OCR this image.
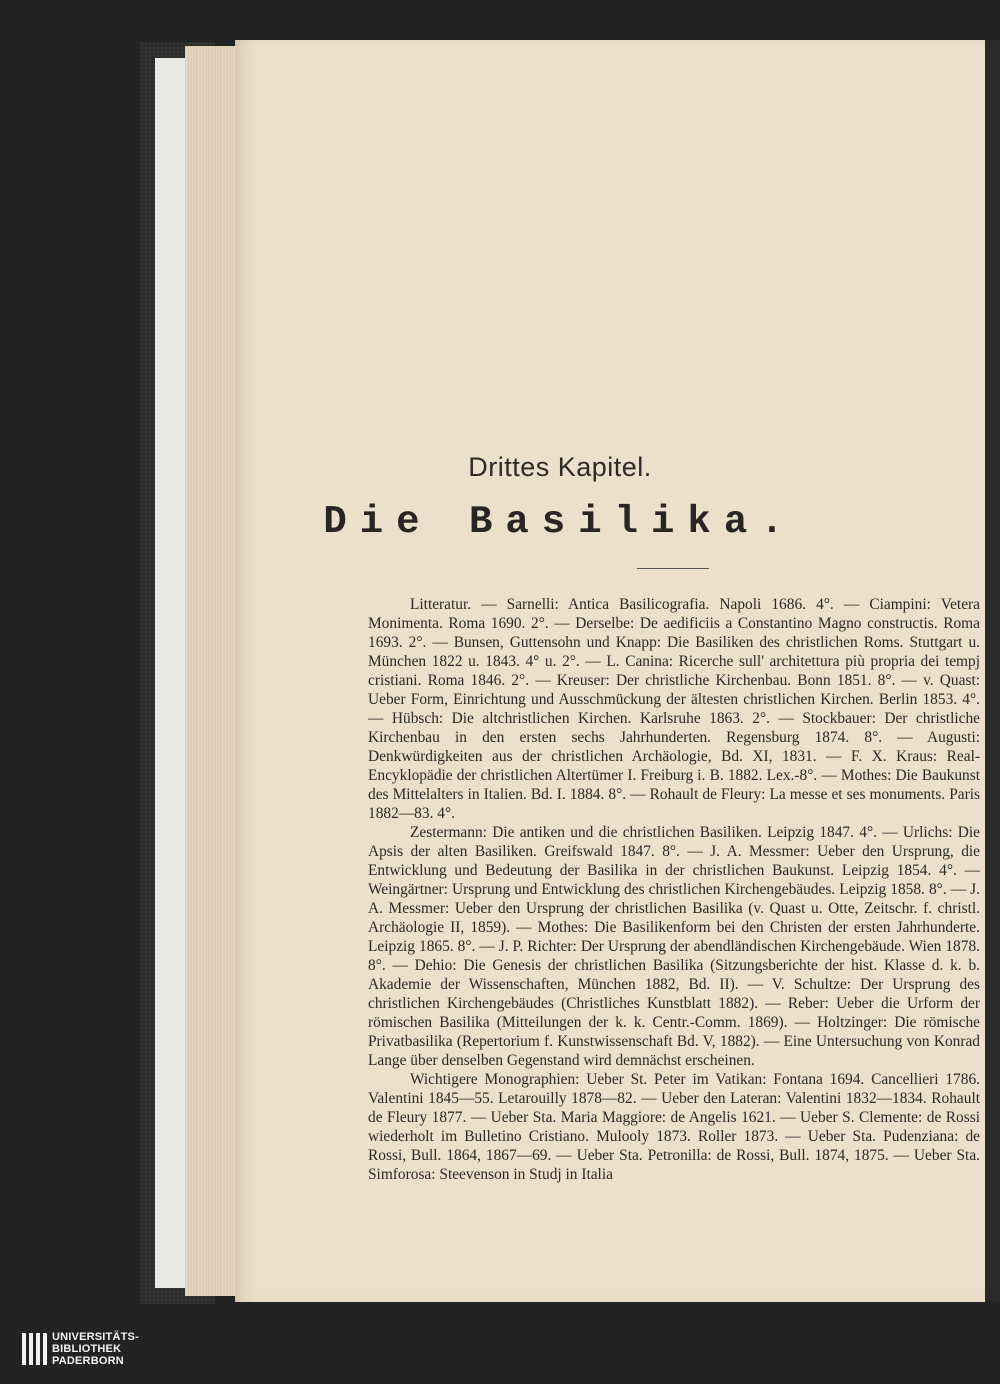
Drittes Kapitel.
Die Basilika.

Litteratur. — Sarnelli: Antica Basilicografia. Napoli 1686. 4°. — Ciampini: Vetera Monimenta. Roma 1690. 2°. — Derselbe: De aedificiis a Constantino Magno constructis. Roma 1693. 2°. — Bunsen, Guttensohn und Knapp: Die Basiliken des christlichen Roms. Stuttgart u. München 1822 u. 1843. 4° u. 2°. — L. Canina: Ricerche sull' architettura più propria dei tempj cristiani. Roma 1846. 2°. — Kreuser: Der christliche Kirchenbau. Bonn 1851. 8°. — v. Quast: Ueber Form, Einrichtung und Ausschmückung der ältesten christlichen Kirchen. Berlin 1853. 4°. — Hübsch: Die altchristlichen Kirchen. Karlsruhe 1863. 2°. — Stockbauer: Der christliche Kirchenbau in den ersten sechs Jahrhunderten. Regensburg 1874. 8°. — Augusti: Denkwürdigkeiten aus der christlichen Archäologie, Bd. XI, 1831. — F. X. Kraus: Real-Encyklopädie der christlichen Altertümer I. Freiburg i. B. 1882. Lex.-8°. — Mothes: Die Baukunst des Mittelalters in Italien. Bd. I. 1884. 8°. — Rohault de Fleury: La messe et ses monuments. Paris 1882—83. 4°.

Zestermann: Die antiken und die christlichen Basiliken. Leipzig 1847. 4°. — Urlichs: Die Apsis der alten Basiliken. Greifswald 1847. 8°. — J. A. Messmer: Ueber den Ursprung, die Entwicklung und Bedeutung der Basilika in der christlichen Baukunst. Leipzig 1854. 4°. — Weingärtner: Ursprung und Entwicklung des christlichen Kirchengebäudes. Leipzig 1858. 8°. — J. A. Messmer: Ueber den Ursprung der christlichen Basilika (v. Quast u. Otte, Zeitschr. f. christl. Archäologie II, 1859). — Mothes: Die Basilikenform bei den Christen der ersten Jahrhunderte. Leipzig 1865. 8°. — J. P. Richter: Der Ursprung der abendländischen Kirchengebäude. Wien 1878. 8°. — Dehio: Die Genesis der christlichen Basilika (Sitzungsberichte der hist. Klasse d. k. b. Akademie der Wissenschaften, München 1882, Bd. II). — V. Schultze: Der Ursprung des christlichen Kirchengebäudes (Christliches Kunstblatt 1882). — Reber: Ueber die Urform der römischen Basilika (Mitteilungen der k. k. Centr.-Comm. 1869). — Holtzinger: Die römische Privatbasilika (Repertorium f. Kunstwissenschaft Bd. V, 1882). — Eine Untersuchung von Konrad Lange über denselben Gegenstand wird demnächst erscheinen.

Wichtigere Monographien: Ueber St. Peter im Vatikan: Fontana 1694. Cancellieri 1786. Valentini 1845—55. Letarouilly 1878—82. — Ueber den Lateran: Valentini 1832—1834. Rohault de Fleury 1877. — Ueber Sta. Maria Maggiore: de Angelis 1621. — Ueber S. Clemente: de Rossi wiederholt im Bulletino Cristiano. Mulooly 1873. Roller 1873. — Ueber Sta. Pudenziana: de Rossi, Bull. 1864, 1867—69. — Ueber Sta. Petronilla: de Rossi, Bull. 1874, 1875. — Ueber Sta. Simforosa: Steevenson in Studj in Italia

UNIVERSITÄTS-
BIBLIOTHEK
PADERBORN
